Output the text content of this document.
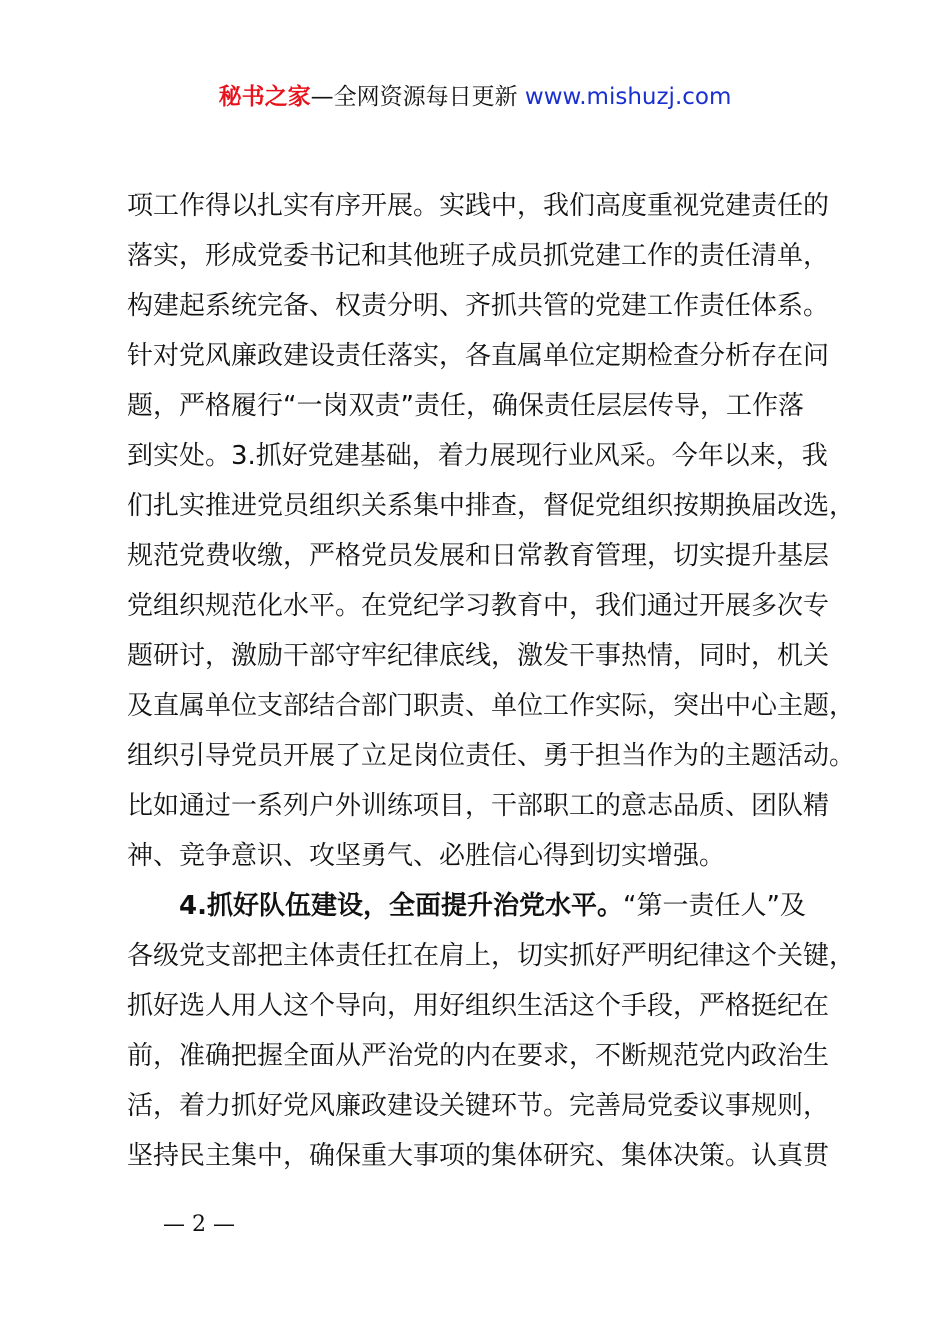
秘书之家—全网资源每日更新 www.mishuzj.com
项工作得以扎实有序开展。实践中，我们高度重视党建责任的
落实，形成党委书记和其他班子成员抓党建工作的责任清单，
构建起系统完备、权责分明、齐抓共管的党建工作责任体系。
针对党风廉政建设责任落实，各直属单位定期检查分析存在问
题，严格履行“一岗双责”责任，确保责任层层传导，工作落
到实处。3.抓好党建基础，着力展现行业风采。今年以来，我
们扎实推进党员组织关系集中排查，督促党组织按期换届改选，
规范党费收缴，严格党员发展和日常教育管理，切实提升基层
党组织规范化水平。在党纪学习教育中，我们通过开展多次专
题研讨，激励干部守牢纪律底线，激发干事热情，同时，机关
及直属单位支部结合部门职责、单位工作实际，突出中心主题，
组织引导党员开展了立足岗位责任、勇于担当作为的主题活动。
比如通过一系列户外训练项目，干部职工的意志品质、团队精
神、竞争意识、攻坚勇气、必胜信心得到切实增强。
4.抓好队伍建设，全面提升治党水平。“第一责任人”及
各级党支部把主体责任扛在肩上，切实抓好严明纪律这个关键，
抓好选人用人这个导向，用好组织生活这个手段，严格挺纪在
前，准确把握全面从严治党的内在要求，不断规范党内政治生
活，着力抓好党风廉政建设关键环节。完善局党委议事规则，
坚持民主集中，确保重大事项的集体研究、集体决策。认真贯
— 2 —
